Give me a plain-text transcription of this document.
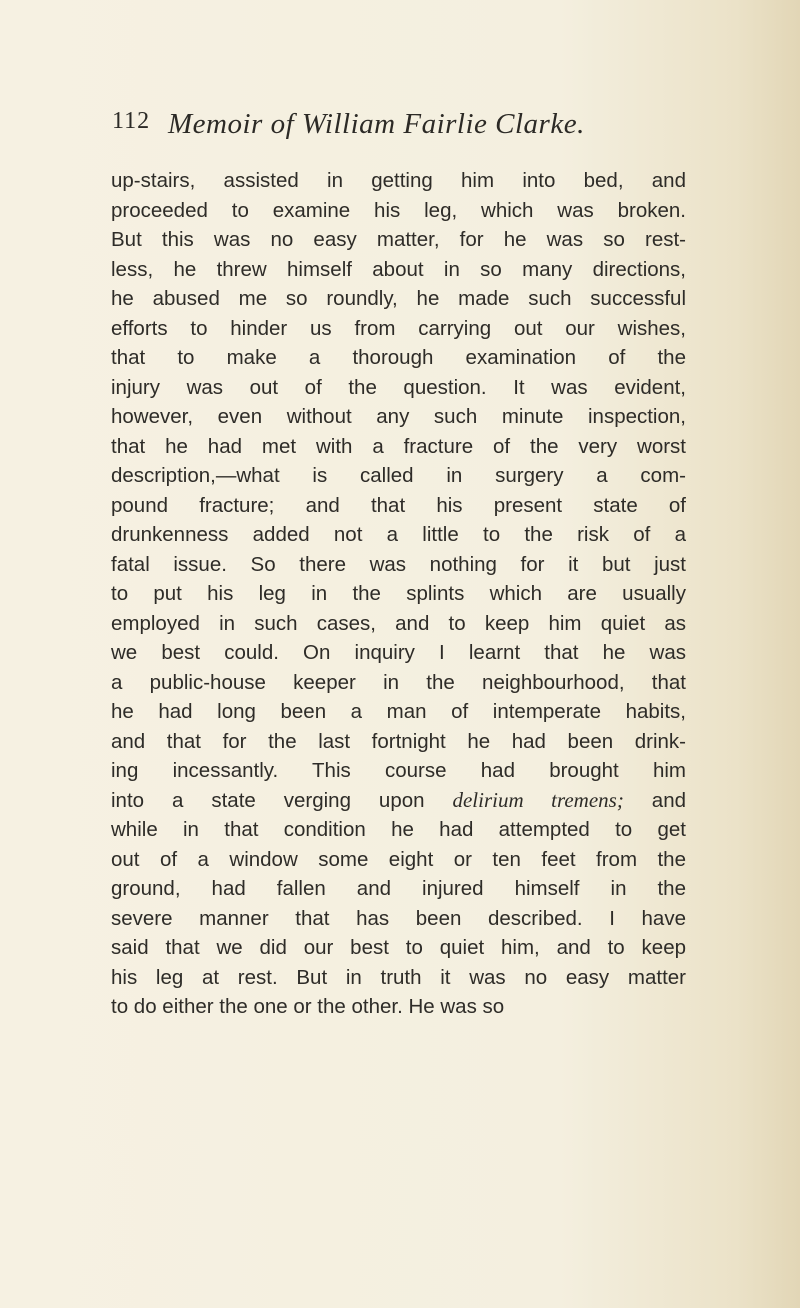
112 Memoir of William Fairlie Clarke.
up-stairs, assisted in getting him into bed, and
proceeded to examine his leg, which was broken.
But this was no easy matter, for he was so rest-
less, he threw himself about in so many directions,
he abused me so roundly, he made such successful
efforts to hinder us from carrying out our wishes,
that to make a thorough examination of the
injury was out of the question. It was evident,
however, even without any such minute inspection,
that he had met with a fracture of the very worst
description,—what is called in surgery a com-
pound fracture; and that his present state of
drunkenness added not a little to the risk of a
fatal issue. So there was nothing for it but just
to put his leg in the splints which are usually
employed in such cases, and to keep him quiet as
we best could. On inquiry I learnt that he was
a public-house keeper in the neighbourhood, that
he had long been a man of intemperate habits,
and that for the last fortnight he had been drink-
ing incessantly. This course had brought him
into a state verging upon delirium tremens; and
while in that condition he had attempted to get
out of a window some eight or ten feet from the
ground, had fallen and injured himself in the
severe manner that has been described. I have
said that we did our best to quiet him, and to keep
his leg at rest. But in truth it was no easy matter
to do either the one or the other. He was so
